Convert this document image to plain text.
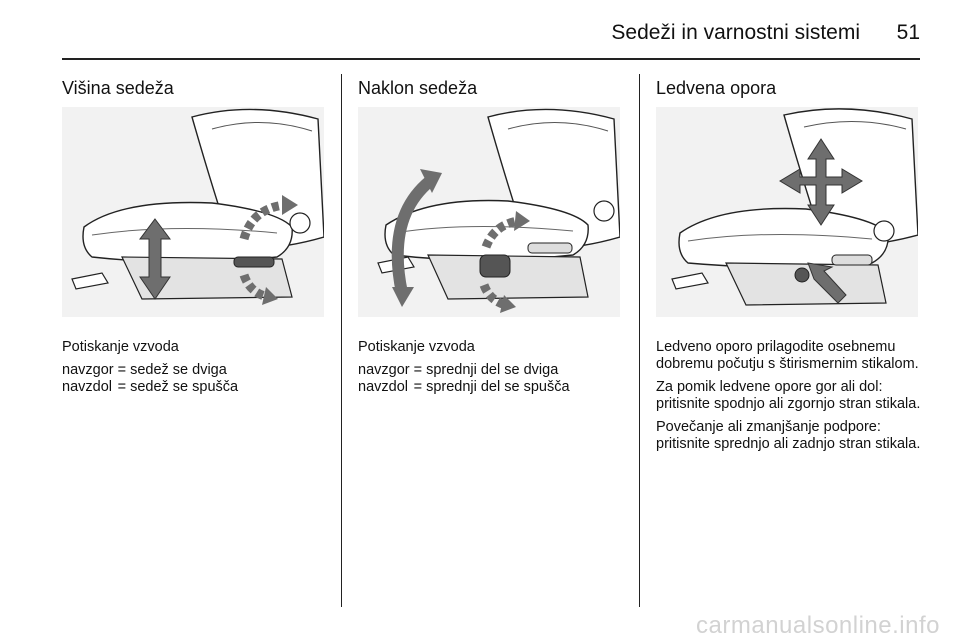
Sedeži in varnostni sistemi	51
Višina sedeža
Potiskanje vzvoda
navzgor	=	sedež se dviga
navzdol	=	sedež se spušča
Naklon sedeža
Potiskanje vzvoda
navzgor	=	sprednji del se dviga
navzdol	=	sprednji del se spušča
Ledvena opora

Ledveno oporo prilagodite osebnemu dobremu počutju s štirismernim stikalom.

Za pomik ledvene opore gor ali dol: pritisnite spodnjo ali zgornjo stran stikala.

Povečanje ali zmanjšanje podpore: pritisnite sprednjo ali zadnjo stran stikala.

carmanualsonline.info
